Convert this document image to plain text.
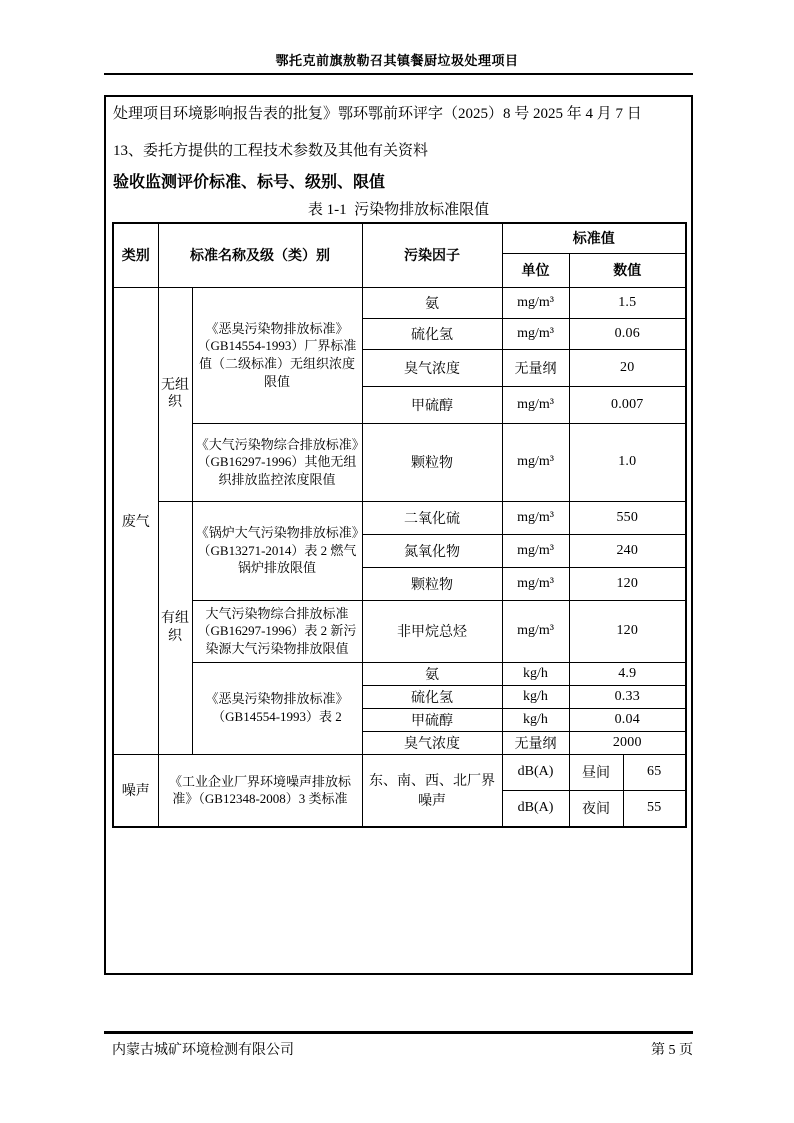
鄂托克前旗敖勒召其镇餐厨垃圾处理项目
处理项目环境影响报告表的批复》鄂环鄂前环评字（2025）8 号 2025 年 4 月 7 日
13、委托方提供的工程技术参数及其他有关资料
验收监测评价标准、标号、级别、限值
表 1-1  污染物排放标准限值
类别	标准名称及级（类）别		污染因子	标准值		
				单位	数值	
废气	无组织	《恶臭污染物排放标准》（GB14554-1993）厂界标准值（二级标准）无组织浓度限值	氨	mg/m³	1.5	
			硫化氢	mg/m³	0.06	
			臭气浓度	无量纲	20	
			甲硫醇	mg/m³	0.007	
		《大气污染物综合排放标准》（GB16297-1996）其他无组织排放监控浓度限值	颗粒物	mg/m³	1.0	
	有组织	《锅炉大气污染物排放标准》（GB13271-2014）表 2 燃气锅炉排放限值	二氧化硫	mg/m³	550	
			氮氧化物	mg/m³	240	
			颗粒物	mg/m³	120	
		大气污染物综合排放标准（GB16297-1996）表 2 新污染源大气污染物排放限值	非甲烷总烃	mg/m³	120	
		《恶臭污染物排放标准》（GB14554-1993）表 2	氨	kg/h	4.9	
			硫化氢	kg/h	0.33	
			甲硫醇	kg/h	0.04	
			臭气浓度	无量纲	2000	
噪声	《工业企业厂界环境噪声排放标准》（GB12348-2008）3 类标准		东、南、西、北厂界噪声	dB(A)	昼间	65
				dB(A)	夜间	55
内蒙古城矿环境检测有限公司	第 5 页
